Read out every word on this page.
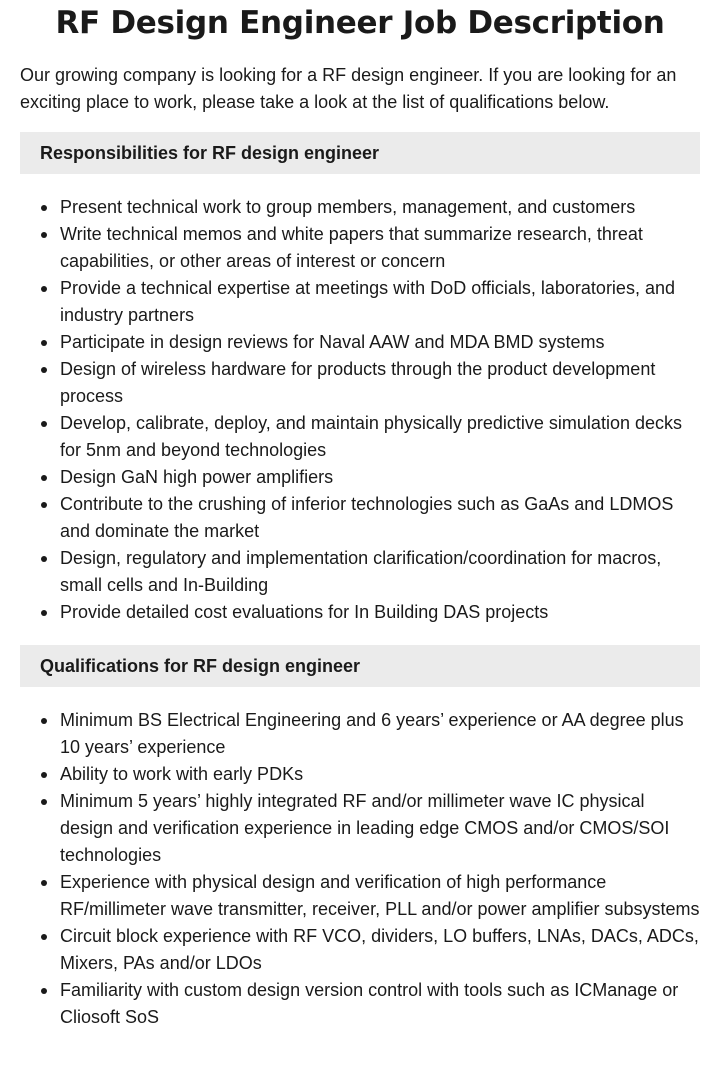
RF Design Engineer Job Description

Our growing company is looking for a RF design engineer. If you are looking for an exciting place to work, please take a look at the list of qualifications below.

Responsibilities for RF design engineer
Present technical work to group members, management, and customers
Write technical memos and white papers that summarize research, threat capabilities, or other areas of interest or concern
Provide a technical expertise at meetings with DoD officials, laboratories, and industry partners
Participate in design reviews for Naval AAW and MDA BMD systems
Design of wireless hardware for products through the product development process
Develop, calibrate, deploy, and maintain physically predictive simulation decks for 5nm and beyond technologies
Design GaN high power amplifiers
Contribute to the crushing of inferior technologies such as GaAs and LDMOS and dominate the market
Design, regulatory and implementation clarification/coordination for macros, small cells and In-Building
Provide detailed cost evaluations for In Building DAS projects
Qualifications for RF design engineer
Minimum BS Electrical Engineering and 6 years’ experience or AA degree plus 10 years’ experience
Ability to work with early PDKs
Minimum 5 years’ highly integrated RF and/or millimeter wave IC physical design and verification experience in leading edge CMOS and/or CMOS/SOI technologies
Experience with physical design and verification of high performance RF/millimeter wave transmitter, receiver, PLL and/or power amplifier subsystems
Circuit block experience with RF VCO, dividers, LO buffers, LNAs, DACs, ADCs, Mixers, PAs and/or LDOs
Familiarity with custom design version control with tools such as ICManage or Cliosoft SoS
